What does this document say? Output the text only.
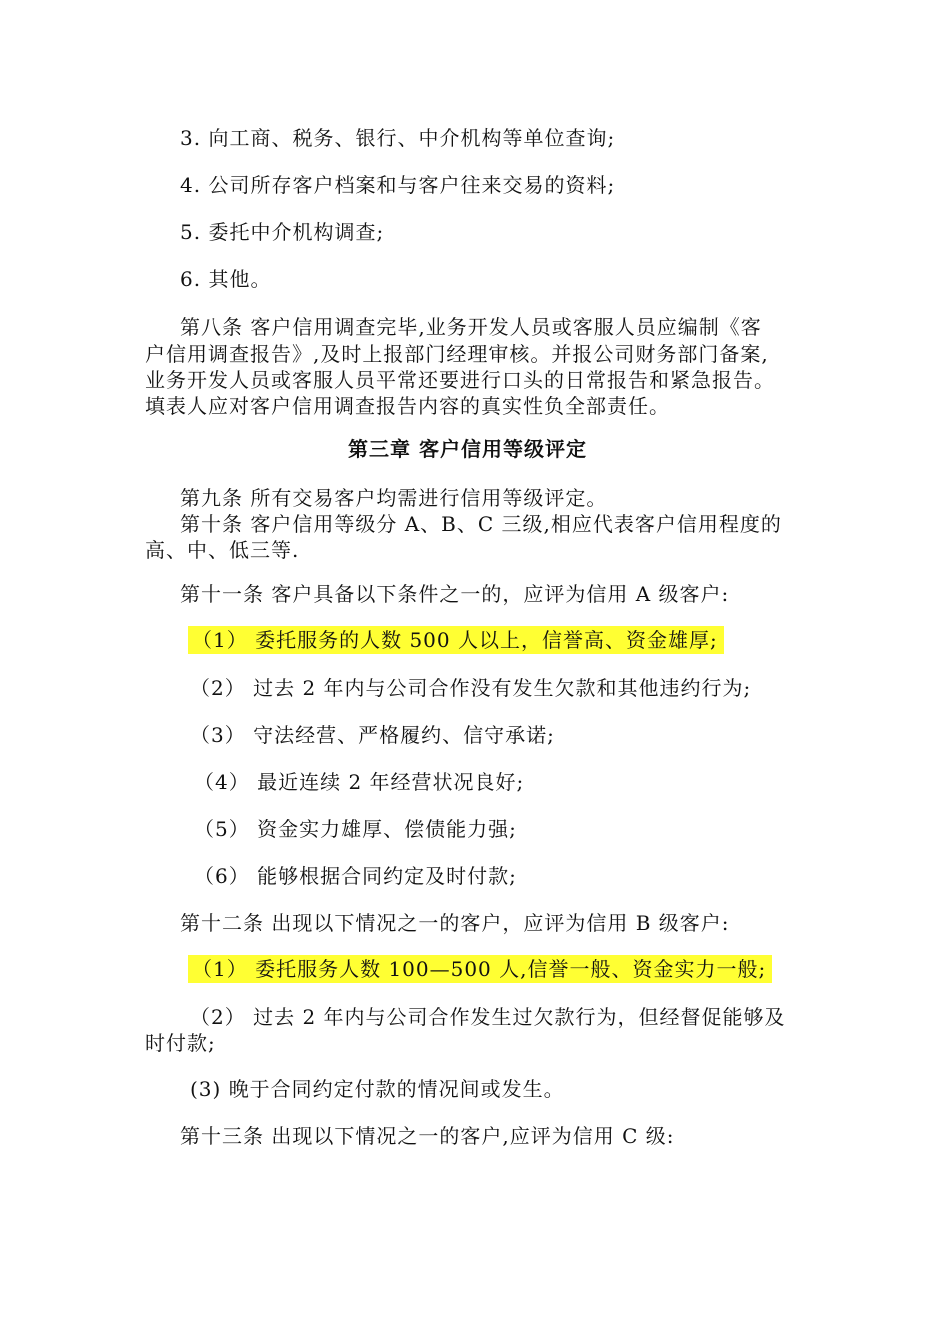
3. 向工商、税务、银行、中介机构等单位查询;
4. 公司所存客户档案和与客户往来交易的资料;
5. 委托中介机构调查;
6. 其他。
第八条 客户信用调查完毕,业务开发人员或客服人员应编制《客
户信用调查报告》,及时上报部门经理审核。并报公司财务部门备案,
业务开发人员或客服人员平常还要进行口头的日常报告和紧急报告。
填表人应对客户信用调查报告内容的真实性负全部责任。
第三章 客户信用等级评定
第九条 所有交易客户均需进行信用等级评定。
第十条 客户信用等级分 A、B、C 三级,相应代表客户信用程度的
高、中、低三等.
第十一条 客户具备以下条件之一的，应评为信用 A 级客户:
（1） 委托服务的人数 500 人以上，信誉高、资金雄厚;
（2） 过去 2 年内与公司合作没有发生欠款和其他违约行为;
（3） 守法经营、严格履约、信守承诺;
（4） 最近连续 2 年经营状况良好;
（5） 资金实力雄厚、偿债能力强;
（6） 能够根据合同约定及时付款;
第十二条 出现以下情况之一的客户，应评为信用 B 级客户:
（1） 委托服务人数 100—500 人,信誉一般、资金实力一般;
（2） 过去 2 年内与公司合作发生过欠款行为，但经督促能够及
时付款;
(3) 晚于合同约定付款的情况间或发生。
第十三条 出现以下情况之一的客户,应评为信用 C 级:
